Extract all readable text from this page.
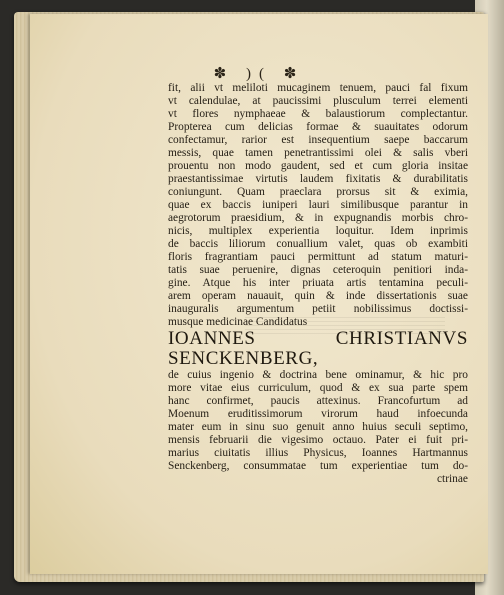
✽ )( ✽

fit, alii vt meliloti mucaginem tenuem, pauci fal fixum

vt calendulae, at paucissimi plusculum terrei elementi

vt flores nymphaeae & balaustiorum complectantur.

Propterea cum delicias formae & suauitates odorum

confectamur, rarior est insequentium saepe baccarum

messis, quae tamen penetrantissimi olei & salis vberi

prouentu non modo gaudent, sed et cum gloria insitae

praestantissimae virtutis laudem fixitatis & durabilitatis

coniungunt. Quam praeclara prorsus sit & eximia,

quae ex baccis iuniperi lauri similibusque parantur in

aegrotorum praesidium, & in expugnandis morbis chro-

nicis, multiplex experientia loquitur. Idem inprimis

de baccis liliorum conuallium valet, quas ob exambiti

floris fragrantiam pauci permittunt ad statum maturi-

tatis suae peruenire, dignas ceteroquin penitiori inda-

gine. Atque his inter priuata artis tentamina peculi-

arem operam nauauit, quin & inde dissertationis suae

inauguralis argumentum petiit nobilissimus doctissi-

musque medicinae Candidatus

IOANNES CHRISTIANVS

SENCKENBERG,

de cuius ingenio & doctrina bene ominamur, & hic pro

more vitae eius curriculum, quod & ex sua parte spem

hanc confirmet, paucis attexinus. Francofurtum ad

Moenum eruditissimorum virorum haud infoecunda

mater eum in sinu suo genuit anno huius seculi septimo,

mensis februarii die vigesimo octauo. Pater ei fuit pri-

marius ciuitatis illius Physicus, Ioannes Hartmannus

Senckenberg, consummatae tum experientiae tum do-

ctrinae
